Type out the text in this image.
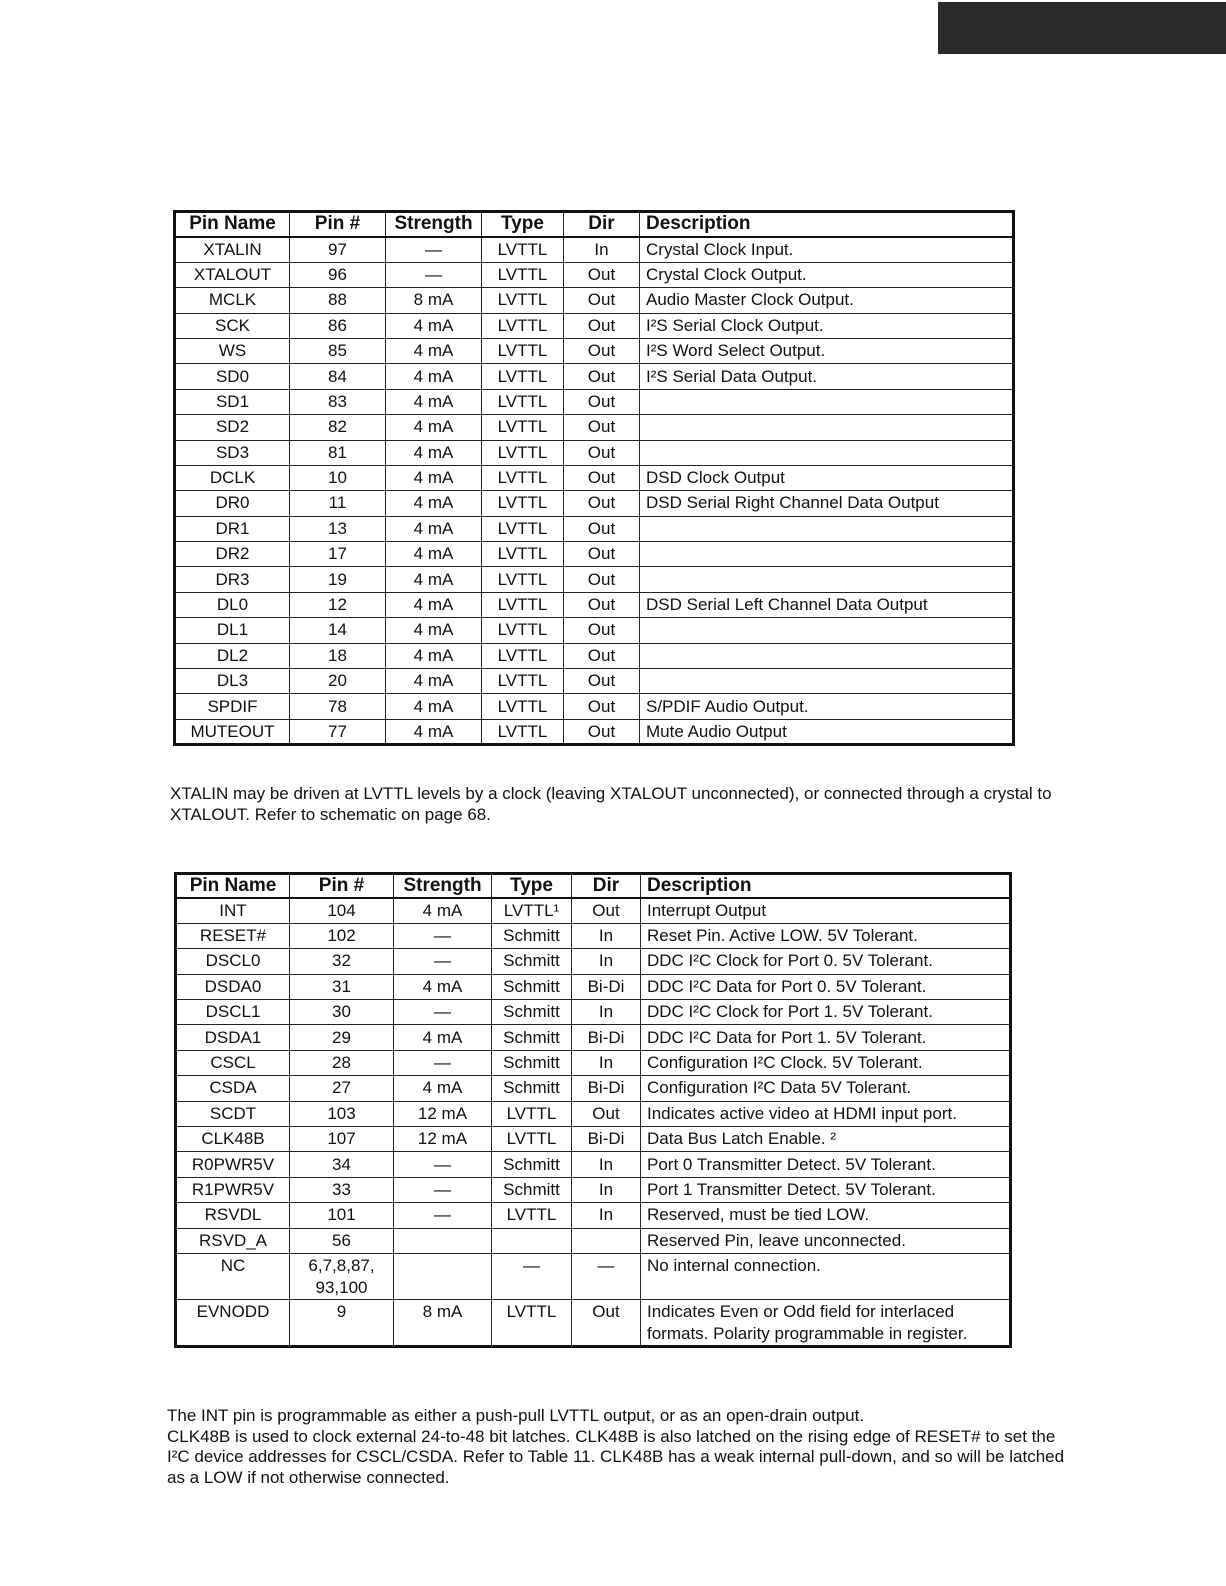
Pin Name	Pin #	Strength	Type	Dir	Description
XTALIN	97	—	LVTTL	In	Crystal Clock Input.
XTALOUT	96	—	LVTTL	Out	Crystal Clock Output.
MCLK	88	8 mA	LVTTL	Out	Audio Master Clock Output.
SCK	86	4 mA	LVTTL	Out	I²S Serial Clock Output.
WS	85	4 mA	LVTTL	Out	I²S Word Select Output.
SD0	84	4 mA	LVTTL	Out	I²S Serial Data Output.
SD1	83	4 mA	LVTTL	Out	
SD2	82	4 mA	LVTTL	Out	
SD3	81	4 mA	LVTTL	Out	
DCLK	10	4 mA	LVTTL	Out	DSD Clock Output
DR0	11	4 mA	LVTTL	Out	DSD Serial Right Channel Data Output
DR1	13	4 mA	LVTTL	Out	
DR2	17	4 mA	LVTTL	Out	
DR3	19	4 mA	LVTTL	Out	
DL0	12	4 mA	LVTTL	Out	DSD Serial Left Channel Data Output
DL1	14	4 mA	LVTTL	Out	
DL2	18	4 mA	LVTTL	Out	
DL3	20	4 mA	LVTTL	Out	
SPDIF	78	4 mA	LVTTL	Out	S/PDIF Audio Output.
MUTEOUT	77	4 mA	LVTTL	Out	Mute Audio Output
XTALIN may be driven at LVTTL levels by a clock (leaving XTALOUT unconnected), or connected through a crystal to XTALOUT. Refer to schematic on page 68.
Pin Name	Pin #	Strength	Type	Dir	Description
INT	104	4 mA	LVTTL¹	Out	Interrupt Output
RESET#	102	—	Schmitt	In	Reset Pin. Active LOW. 5V Tolerant.
DSCL0	32	—	Schmitt	In	DDC I²C Clock for Port 0. 5V Tolerant.
DSDA0	31	4 mA	Schmitt	Bi-Di	DDC I²C Data for Port 0. 5V Tolerant.
DSCL1	30	—	Schmitt	In	DDC I²C Clock for Port 1. 5V Tolerant.
DSDA1	29	4 mA	Schmitt	Bi-Di	DDC I²C Data for Port 1. 5V Tolerant.
CSCL	28	—	Schmitt	In	Configuration I²C Clock. 5V Tolerant.
CSDA	27	4 mA	Schmitt	Bi-Di	Configuration I²C Data 5V Tolerant.
SCDT	103	12 mA	LVTTL	Out	Indicates active video at HDMI input port.
CLK48B	107	12 mA	LVTTL	Bi-Di	Data Bus Latch Enable. ²
R0PWR5V	34	—	Schmitt	In	Port 0 Transmitter Detect. 5V Tolerant.
R1PWR5V	33	—	Schmitt	In	Port 1 Transmitter Detect. 5V Tolerant.
RSVDL	101	—	LVTTL	In	Reserved, must be tied LOW.
RSVD_A	56				Reserved Pin, leave unconnected.
NC	6,7,8,87, 93,100		—	—	No internal connection.
EVNODD	9	8 mA	LVTTL	Out	Indicates Even or Odd field for interlaced formats. Polarity programmable in register.

The INT pin is programmable as either a push-pull LVTTL output, or as an open-drain output.

CLK48B is used to clock external 24-to-48 bit latches. CLK48B is also latched on the rising edge of RESET# to set the I²C device addresses for CSCL/CSDA. Refer to Table 11. CLK48B has a weak internal pull-down, and so will be latched as a LOW if not otherwise connected.
